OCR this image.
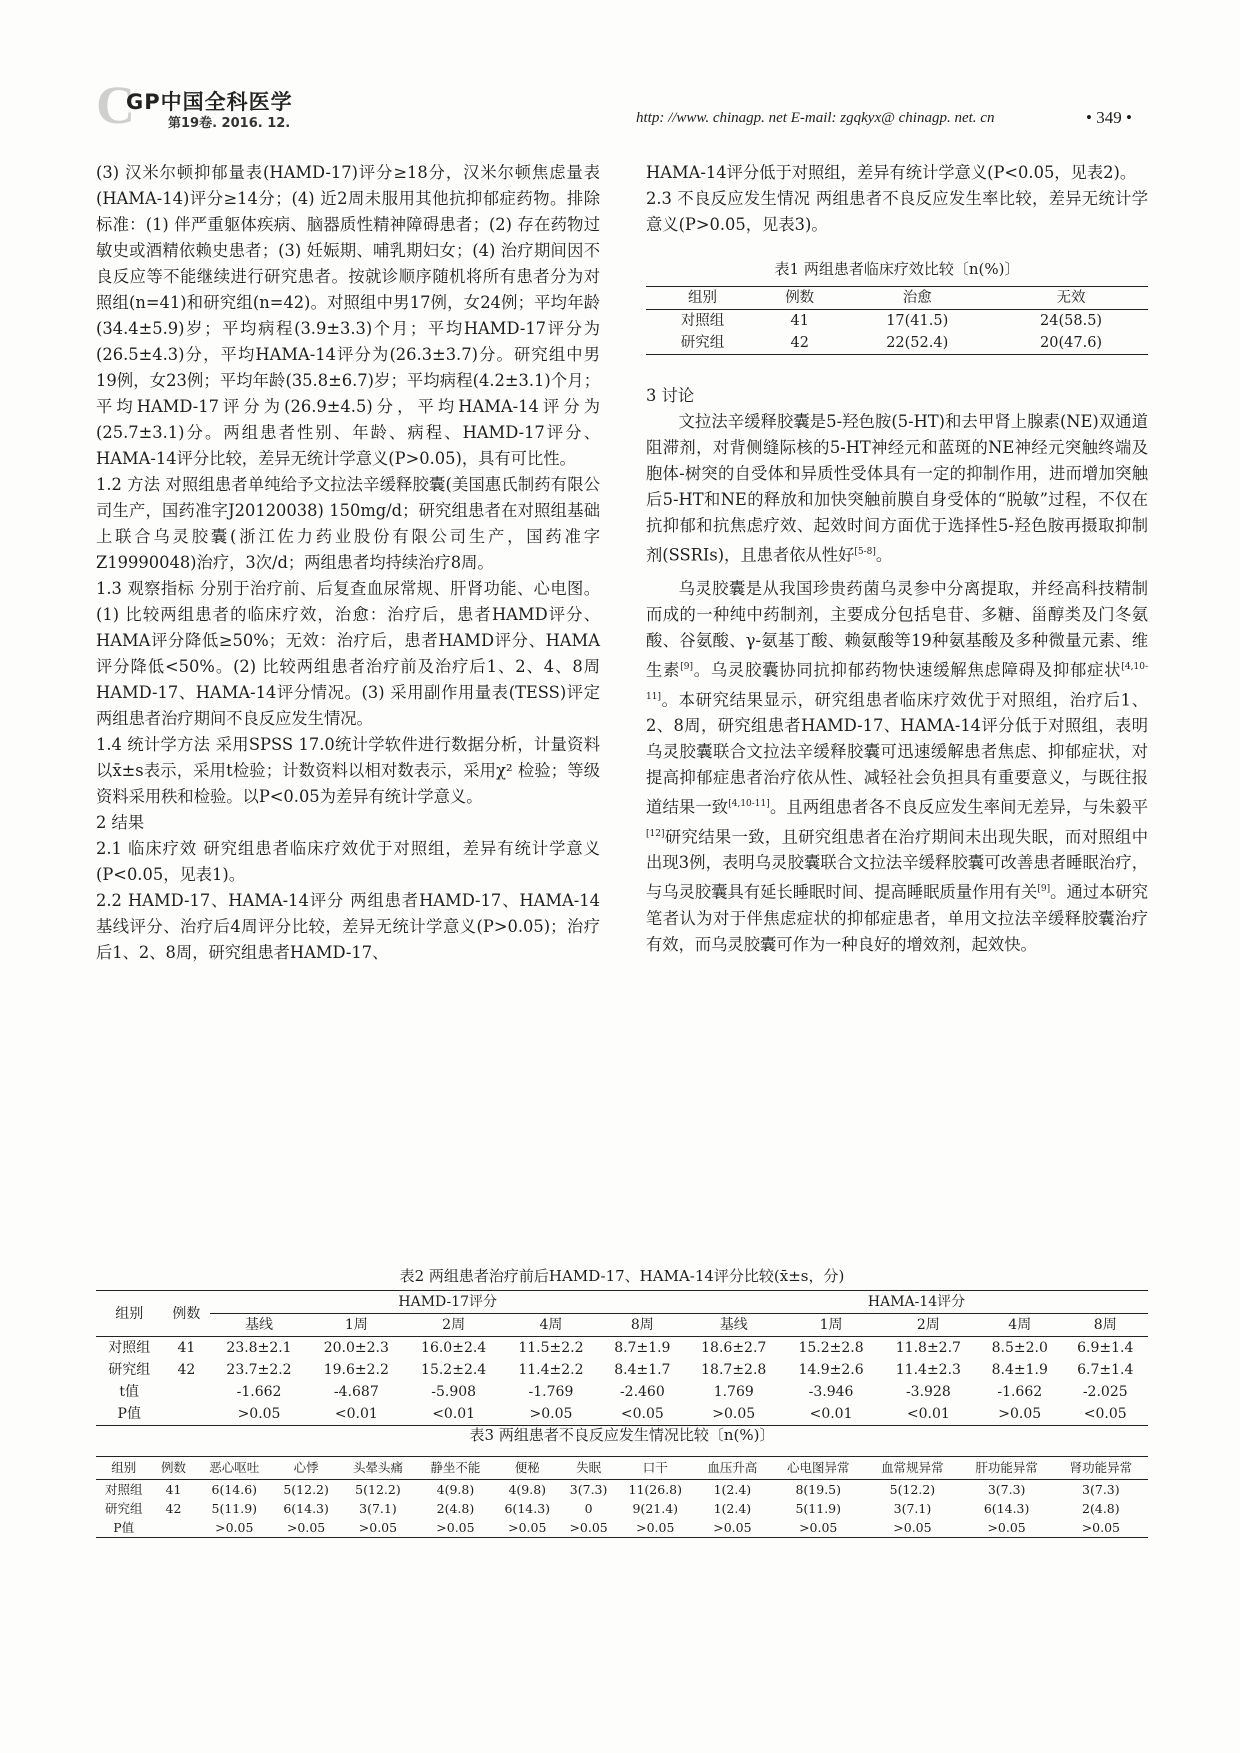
C
GP中国全科医学
第19卷. 2016. 12.	http: //www. chinagp. net E-mail: zgqkyx@ chinagp. net. cn	• 349 •

(3) 汉米尔顿抑郁量表(HAMD-17)评分≥18分，汉米尔顿焦虑量表(HAMA-14)评分≥14分；(4) 近2周未服用其他抗抑郁症药物。排除标准：(1) 伴严重躯体疾病、脑器质性精神障碍患者；(2) 存在药物过敏史或酒精依赖史患者；(3) 妊娠期、哺乳期妇女；(4) 治疗期间因不良反应等不能继续进行研究患者。按就诊顺序随机将所有患者分为对照组(n=41)和研究组(n=42)。对照组中男17例，女24例；平均年龄(34.4±5.9)岁；平均病程(3.9±3.3)个月；平均HAMD-17评分为(26.5±4.3)分，平均HAMA-14评分为(26.3±3.7)分。研究组中男19例，女23例；平均年龄(35.8±6.7)岁；平均病程(4.2±3.1)个月；平均HAMD-17评分为(26.9±4.5)分，平均HAMA-14评分为(25.7±3.1)分。两组患者性别、年龄、病程、HAMD-17评分、HAMA-14评分比较，差异无统计学意义(P>0.05)，具有可比性。

1.2 方法 对照组患者单纯给予文拉法辛缓释胶囊(美国惠氏制药有限公司生产，国药准字J20120038) 150mg/d；研究组患者在对照组基础上联合乌灵胶囊(浙江佐力药业股份有限公司生产，国药准字Z19990048)治疗，3次/d；两组患者均持续治疗8周。

1.3 观察指标 分别于治疗前、后复查血尿常规、肝肾功能、心电图。(1) 比较两组患者的临床疗效，治愈：治疗后，患者HAMD评分、HAMA评分降低≥50%；无效：治疗后，患者HAMD评分、HAMA评分降低<50%。(2) 比较两组患者治疗前及治疗后1、2、4、8周HAMD-17、HAMA-14评分情况。(3) 采用副作用量表(TESS)评定两组患者治疗期间不良反应发生情况。

1.4 统计学方法 采用SPSS 17.0统计学软件进行数据分析，计量资料以x̄±s表示，采用t检验；计数资料以相对数表示，采用χ² 检验；等级资料采用秩和检验。以P<0.05为差异有统计学意义。

2 结果

2.1 临床疗效 研究组患者临床疗效优于对照组，差异有统计学意义(P<0.05，见表1)。

2.2 HAMD-17、HAMA-14评分 两组患者HAMD-17、HAMA-14基线评分、治疗后4周评分比较，差异无统计学意义(P>0.05)；治疗后1、2、8周，研究组患者HAMD-17、

HAMA-14评分低于对照组，差异有统计学意义(P<0.05，见表2)。

2.3 不良反应发生情况 两组患者不良反应发生率比较，差异无统计学意义(P>0.05，见表3)。

表1 两组患者临床疗效比较〔n(%)〕
组别	例数	治愈	无效
对照组	41	17(41.5)	24(58.5)
研究组	42	22(52.4)	20(47.6)

3 讨论

文拉法辛缓释胶囊是5-羟色胺(5-HT)和去甲肾上腺素(NE)双通道阻滞剂，对背侧缝际核的5-HT神经元和蓝斑的NE神经元突触终端及胞体-树突的自受体和异质性受体具有一定的抑制作用，进而增加突触后5-HT和NE的释放和加快突触前膜自身受体的“脱敏”过程，不仅在抗抑郁和抗焦虑疗效、起效时间方面优于选择性5-羟色胺再摄取抑制剂(SSRIs)，且患者依从性好[5-8]。

乌灵胶囊是从我国珍贵药菌乌灵参中分离提取，并经高科技精制而成的一种纯中药制剂，主要成分包括皂苷、多糖、甾醇类及门冬氨酸、谷氨酸、γ-氨基丁酸、赖氨酸等19种氨基酸及多种微量元素、维生素[9]。乌灵胶囊协同抗抑郁药物快速缓解焦虑障碍及抑郁症状[4,10-11]。本研究结果显示，研究组患者临床疗效优于对照组，治疗后1、2、8周，研究组患者HAMD-17、HAMA-14评分低于对照组，表明乌灵胶囊联合文拉法辛缓释胶囊可迅速缓解患者焦虑、抑郁症状，对提高抑郁症患者治疗依从性、减轻社会负担具有重要意义，与既往报道结果一致[4,10-11]。且两组患者各不良反应发生率间无差异，与朱毅平[12]研究结果一致，且研究组患者在治疗期间未出现失眠，而对照组中出现3例，表明乌灵胶囊联合文拉法辛缓释胶囊可改善患者睡眠治疗，与乌灵胶囊具有延长睡眠时间、提高睡眠质量作用有关[9]。通过本研究笔者认为对于伴焦虑症状的抑郁症患者，单用文拉法辛缓释胶囊治疗有效，而乌灵胶囊可作为一种良好的增效剂，起效快。

表2 两组患者治疗前后HAMD-17、HAMA-14评分比较(x̄±s，分)
组别	例数	HAMD-17评分					HAMA-14评分				
		基线	1周	2周	4周	8周	基线	1周	2周	4周	8周
对照组	41	23.8±2.1	20.0±2.3	16.0±2.4	11.5±2.2	8.7±1.9	18.6±2.7	15.2±2.8	11.8±2.7	8.5±2.0	6.9±1.4
研究组	42	23.7±2.2	19.6±2.2	15.2±2.4	11.4±2.2	8.4±1.7	18.7±2.8	14.9±2.6	11.4±2.3	8.4±1.9	6.7±1.4
t值		-1.662	-4.687	-5.908	-1.769	-2.460	1.769	-3.946	-3.928	-1.662	-2.025
P值		>0.05	<0.01	<0.01	>0.05	<0.05	>0.05	<0.01	<0.01	>0.05	<0.05
表3 两组患者不良反应发生情况比较〔n(%)〕
组别	例数	恶心呕吐	心悸	头晕头痛	静坐不能	便秘	失眠	口干	血压升高	心电图异常	血常规异常	肝功能异常	肾功能异常
对照组	41	6(14.6)	5(12.2)	5(12.2)	4(9.8)	4(9.8)	3(7.3)	11(26.8)	1(2.4)	8(19.5)	5(12.2)	3(7.3)	3(7.3)
研究组	42	5(11.9)	6(14.3)	3(7.1)	2(4.8)	6(14.3)	0	9(21.4)	1(2.4)	5(11.9)	3(7.1)	6(14.3)	2(4.8)
P值		>0.05	>0.05	>0.05	>0.05	>0.05	>0.05	>0.05	>0.05	>0.05	>0.05	>0.05	>0.05
